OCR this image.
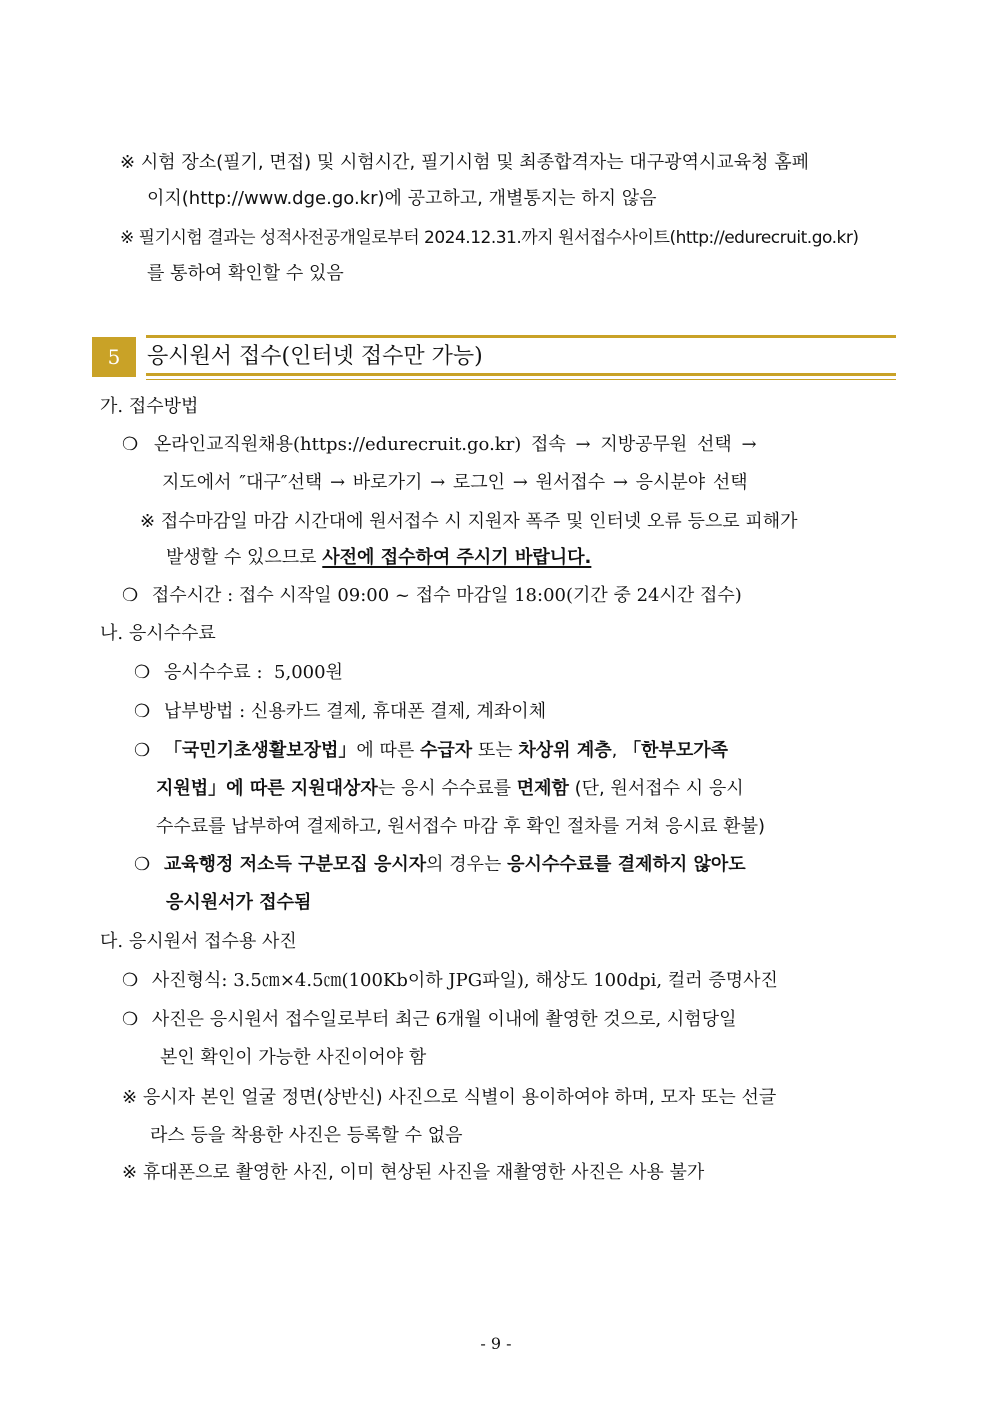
※ 시험 장소(필기, 면접) 및 시험시간, 필기시험 및 최종합격자는 대구광역시교육청 홈페
이지(http://www.dge.go.kr)에 공고하고, 개별통지는 하지 않음
※ 필기시험 결과는 성적사전공개일로부터 2024.12.31.까지 원서접수사이트(http://edurecruit.go.kr)
를 통하여 확인할 수 있음
5	응시원서 접수(인터넷 접수만 가능)
가. 접수방법
❍ 온라인교직원채용(https://edurecruit.go.kr) 접속 → 지방공무원 선택 →
지도에서 ″대구″선택 → 바로가기 → 로그인 → 원서접수 → 응시분야 선택
※ 접수마감일 마감 시간대에 원서접수 시 지원자 폭주 및 인터넷 오류 등으로 피해가
발생할 수 있으므로 사전에 접수하여 주시기 바랍니다.
❍ 접수시간 : 접수 시작일 09:00 ~ 접수 마감일 18:00(기간 중 24시간 접수)
나. 응시수수료
❍ 응시수수료 :  5,000원
❍ 납부방법 : 신용카드 결제, 휴대폰 결제, 계좌이체
❍ 「국민기초생활보장법」에 따른 수급자 또는 차상위 계층, 「한부모가족
지원법」에 따른 지원대상자는 응시 수수료를 면제함 (단, 원서접수 시 응시
수수료를 납부하여 결제하고, 원서접수 마감 후 확인 절차를 거쳐 응시료 환불)
❍ 교육행정 저소득 구분모집 응시자의 경우는 응시수수료를 결제하지 않아도
응시원서가 접수됨
다. 응시원서 접수용 사진
❍ 사진형식: 3.5㎝×4.5㎝(100Kb이하 JPG파일), 해상도 100dpi, 컬러 증명사진
❍ 사진은 응시원서 접수일로부터 최근 6개월 이내에 촬영한 것으로, 시험당일
본인 확인이 가능한 사진이어야 함
※ 응시자 본인 얼굴 정면(상반신) 사진으로 식별이 용이하여야 하며, 모자 또는 선글
라스 등을 착용한 사진은 등록할 수 없음
※ 휴대폰으로 촬영한 사진, 이미 현상된 사진을 재촬영한 사진은 사용 불가
- 9 -
